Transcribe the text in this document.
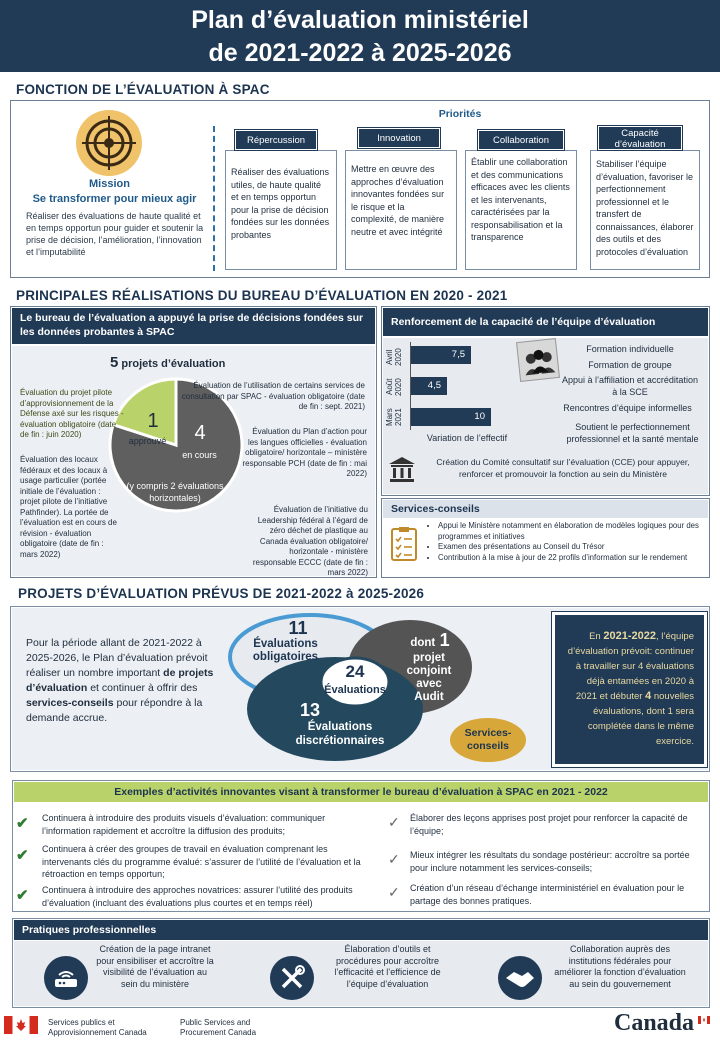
Plan d’évaluation ministériel
de 2021-2022 à 2025-2026
FONCTION DE L’ÉVALUATION À SPAC
Mission
Se transformer pour mieux agir
Réaliser des évaluations de haute qualité et en temps opportun pour guider et soutenir la prise de décision, l’amélioration, l’innovation et l’imputabilité
Priorités
Réaliser des évaluations utiles, de haute qualité et en temps opportun pour la prise de décision fondées sur les données probantes
Répercussion
Mettre en œuvre des approches d’évaluation innovantes fondées sur le risque et la complexité, de manière neutre et avec intégrité
Innovation
Établir une collaboration et des communications efficaces avec les clients et les intervenants, caractérisées par la responsabilisation et la transparence
Collaboration
Stabiliser l’équipe d’évaluation, favoriser le perfectionnement professionnel et le transfert de connaissances, élaborer des outils et des protocoles d’évaluation
Capacité d’évaluation
PRINCIPALES RÉALISATIONS DU BUREAU D’ÉVALUATION EN 2020 - 2021
Le bureau de l’évaluation a appuyé la prise de décisions fondées sur les données probantes à SPAC
5 projets d’évaluation
1
approuvé	4
en cours
(y compris 2 évaluations horizontales)
Évaluation du projet pilote d’approvisionnement de la Défense axé sur les risques - évaluation obligatoire (date de fin : juin 2020)
Évaluation des locaux fédéraux et des locaux à usage particulier (portée initiale de l’évaluation : projet pilote de l’initiative Pathfinder). La portée de l’évaluation est en cours de révision - évaluation obligatoire (date de fin : mars 2022)
Évaluation de l’utilisation de certains services de consultation par SPAC - évaluation obligatoire (date de fin : sept. 2021)
Évaluation du Plan d’action pour les langues officielles - évaluation obligatoire/ horizontale – ministère responsable PCH (date de fin : mai 2022)
Évaluation de l’initiative du Leadership fédéral à l’égard de zéro déchet de plastique au Canada évaluation obligatoire/ horizontale - ministère responsable ECCC (date de fin : mars 2022)
Renforcement de la capacité de l’équipe d’évaluation
Avril 2020
Août 2020
Mars 2021
7,5
4,5
10
Variation de l’effectif
Formation individuelle
Formation de groupe
Appui à l’affiliation et accréditation à la SCE
Rencontres d’équipe informelles
Soutient le perfectionnement professionnel et la santé mentale
Création du Comité consultatif sur l’évaluation (CCE) pour appuyer, renforcer et promouvoir la fonction au sein du Ministère
Services-conseils
• Appui le Ministère notamment en élaboration de modèles logiques pour des programmes et initiatives
• Examen des présentations au Conseil du Trésor
• Contribution à la mise à jour de 22 profils d’information sur le rendement
PROJETS D’ÉVALUATION PRÉVUS DE 2021-2022 à 2025-2026
Pour la période allant de 2021-2022 à 2025-2026, le Plan d’évaluation prévoit réaliser un nombre important de projets d’évaluation et continuer à offrir des services-conseils pour répondre à la demande accrue.
11
Évaluations obligatoires
dont 1
projet conjoint avec Audit
24
Évaluations
13
Évaluations discrétionnaires
Services-conseils
En 2021-2022, l’équipe d’évaluation prévoit: continuer à travailler sur 4 évaluations déjà entamées en 2020 à 2021 et débuter 4 nouvelles évaluations, dont 1 sera complétée dans le même exercice.
Exemples d’activités innovantes visant à transformer le bureau d’évaluation à SPAC en 2021 - 2022
✔ Continuera à introduire des produits visuels d’évaluation: communiquer l’information rapidement et accroître la diffusion des produits;
✔ Continuera à créer des groupes de travail en évaluation comprenant les intervenants clés du programme évalué: s’assurer de l’utilité de l’évaluation et la rétroaction en temps opportun;
✔ Continuera à introduire des approches novatrices: assurer l’utilité des produits d’évaluation (incluant des évaluations plus courtes et en temps réel)
✓ Élaborer des leçons apprises post projet pour renforcer la capacité de l’équipe;
✓ Mieux intégrer les résultats du sondage postérieur: accroître sa portée pour inclure notamment les services-conseils;
✓ Création d’un réseau d’échange interministériel en évaluation pour le partage des bonnes pratiques.
Pratiques professionnelles
Création de la page intranet pour ensibiliser et accroître la visibilité de l’évaluation au sein du ministère
Élaboration d’outils et procédures pour accroître l’efficacité et l’efficience de l’équipe d’évaluation
Collaboration auprès des institutions fédérales pour améliorer la fonction d’évaluation au sein du gouvernement
Services publics et
Approvisionnement Canada
Public Services and
Procurement Canada	Canada
